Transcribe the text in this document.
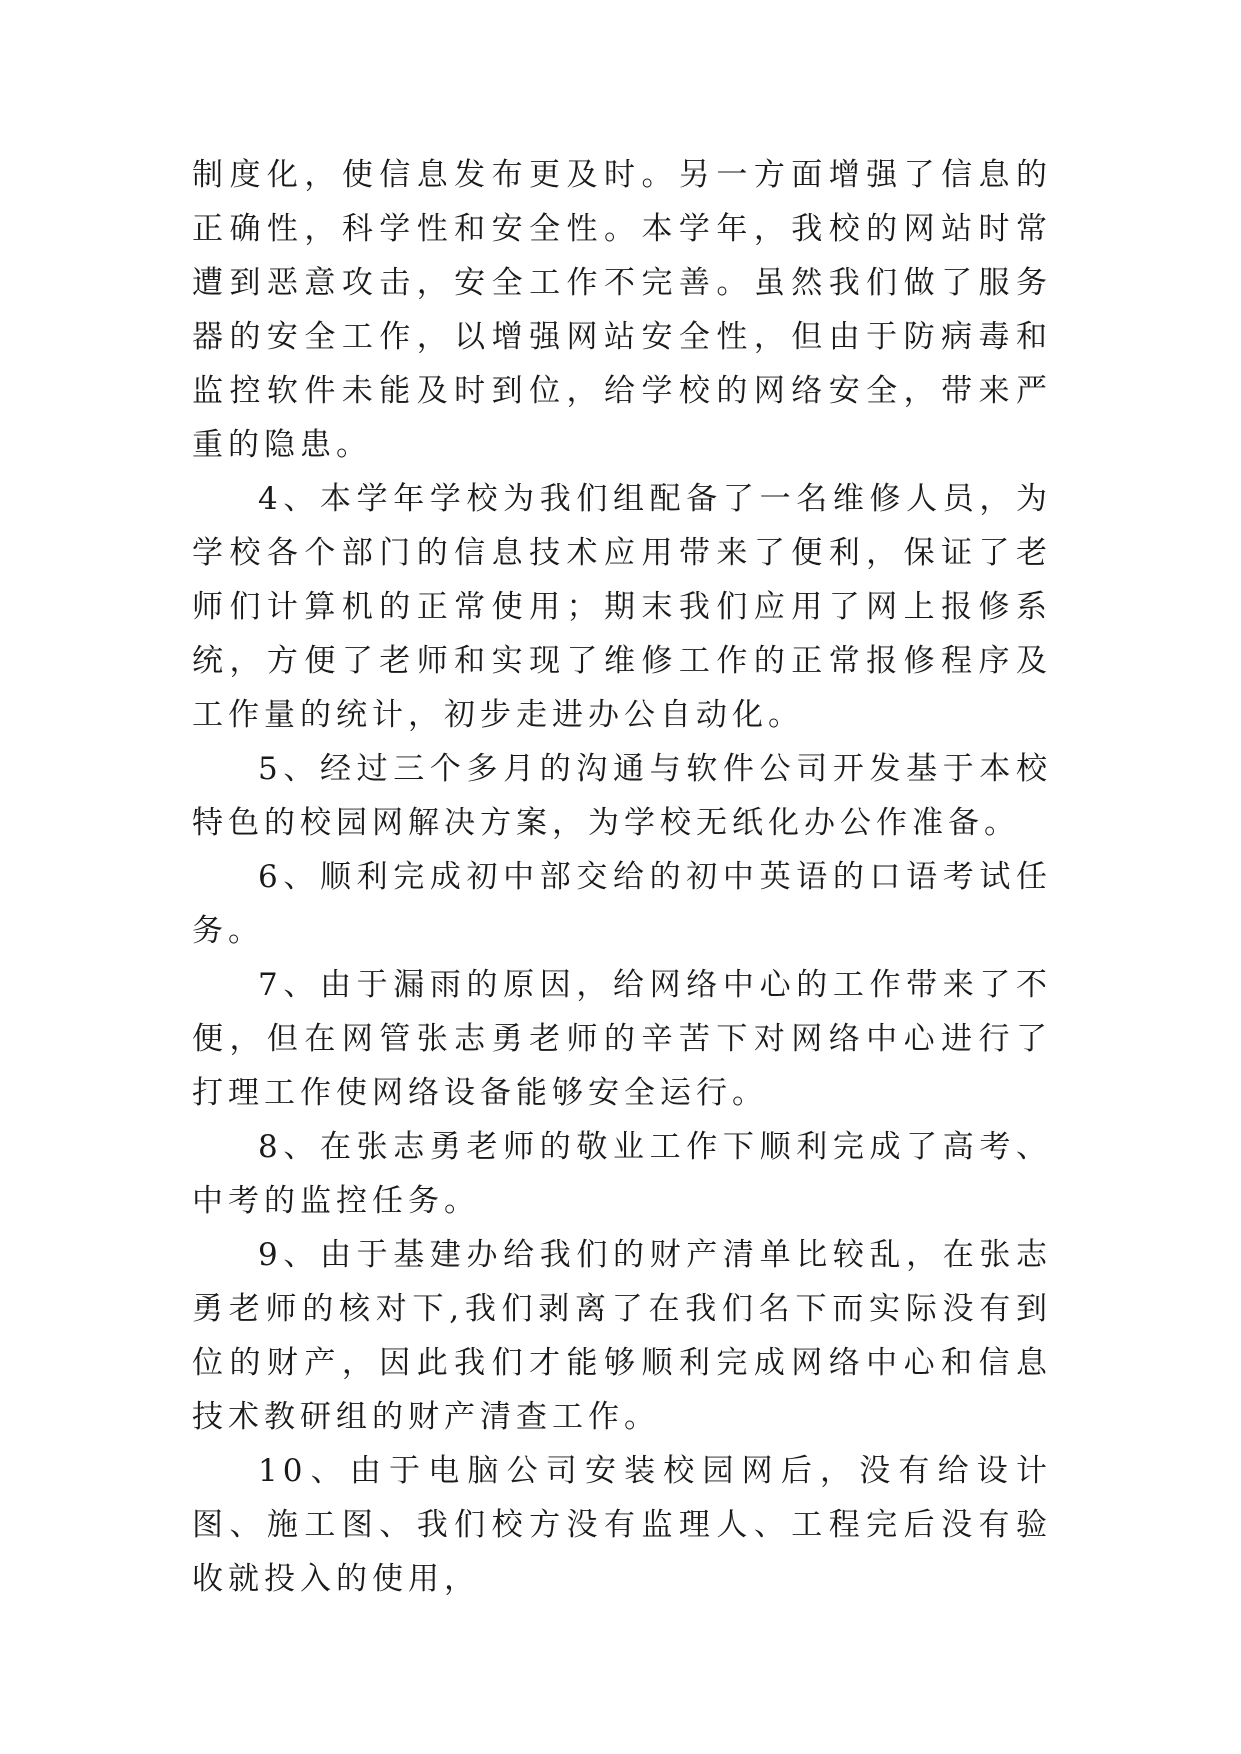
制度化，使信息发布更及时。另一方面增强了信息的正确性，科学性和安全性。本学年，我校的网站时常遭到恶意攻击，安全工作不完善。虽然我们做了服务器的安全工作，以增强网站安全性，但由于防病毒和监控软件未能及时到位，给学校的网络安全，带来严重的隐患。

4、本学年学校为我们组配备了一名维修人员，为学校各个部门的信息技术应用带来了便利，保证了老师们计算机的正常使用；期末我们应用了网上报修系统，方便了老师和实现了维修工作的正常报修程序及工作量的统计，初步走进办公自动化。

5、经过三个多月的沟通与软件公司开发基于本校特色的校园网解决方案，为学校无纸化办公作准备。

6、顺利完成初中部交给的初中英语的口语考试任务。

7、由于漏雨的原因，给网络中心的工作带来了不便，但在网管张志勇老师的辛苦下对网络中心进行了打理工作使网络设备能够安全运行。

8、在张志勇老师的敬业工作下顺利完成了高考、中考的监控任务。

9、由于基建办给我们的财产清单比较乱，在张志勇老师的核对下,我们剥离了在我们名下而实际没有到位的财产，因此我们才能够顺利完成网络中心和信息技术教研组的财产清查工作。

10、由于电脑公司安装校园网后，没有给设计图、施工图、我们校方没有监理人、工程完后没有验收就投入的使用，
